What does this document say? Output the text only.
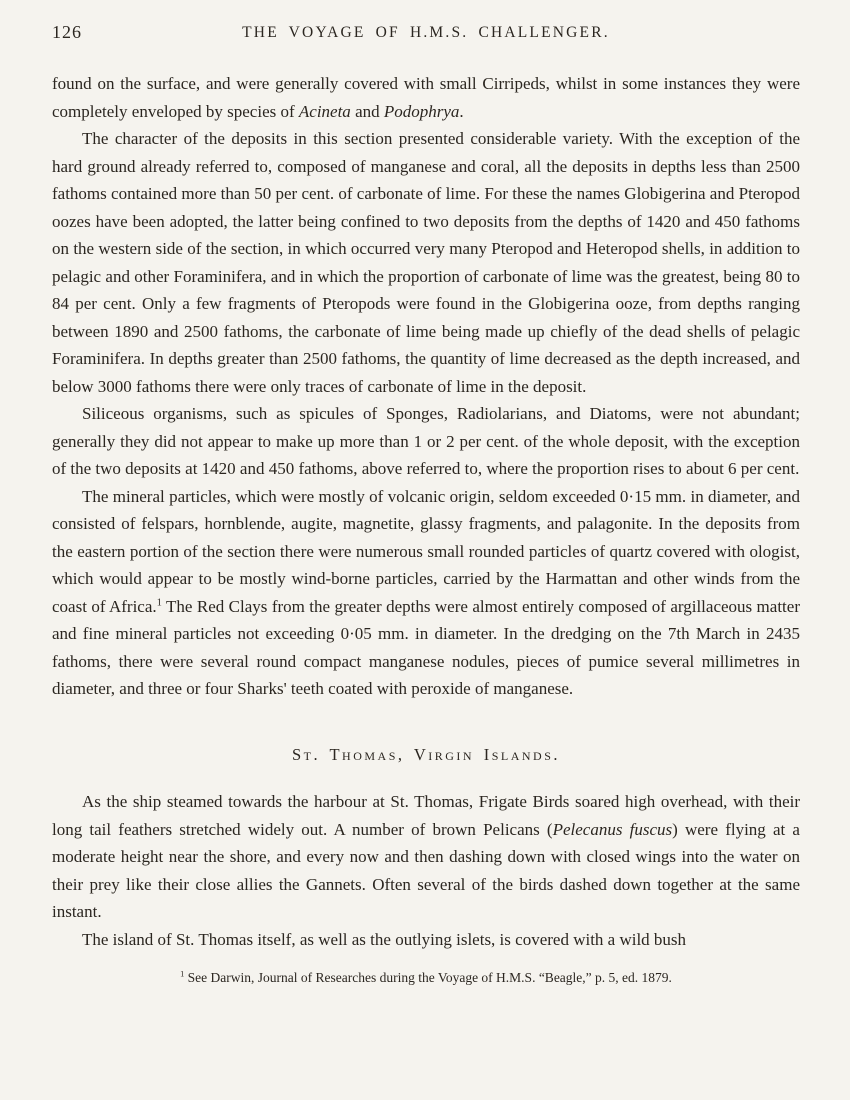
126	THE VOYAGE OF H.M.S. CHALLENGER.

found on the surface, and were generally covered with small Cirripeds, whilst in some instances they were completely enveloped by species of Acineta and Podophrya.

The character of the deposits in this section presented considerable variety. With the exception of the hard ground already referred to, composed of manganese and coral, all the deposits in depths less than 2500 fathoms contained more than 50 per cent. of carbonate of lime. For these the names Globigerina and Pteropod oozes have been adopted, the latter being confined to two deposits from the depths of 1420 and 450 fathoms on the western side of the section, in which occurred very many Pteropod and Heteropod shells, in addition to pelagic and other Foraminifera, and in which the proportion of carbonate of lime was the greatest, being 80 to 84 per cent. Only a few fragments of Pteropods were found in the Globigerina ooze, from depths ranging between 1890 and 2500 fathoms, the carbonate of lime being made up chiefly of the dead shells of pelagic Foraminifera. In depths greater than 2500 fathoms, the quantity of lime decreased as the depth increased, and below 3000 fathoms there were only traces of carbonate of lime in the deposit.

Siliceous organisms, such as spicules of Sponges, Radiolarians, and Diatoms, were not abundant; generally they did not appear to make up more than 1 or 2 per cent. of the whole deposit, with the exception of the two deposits at 1420 and 450 fathoms, above referred to, where the proportion rises to about 6 per cent.

The mineral particles, which were mostly of volcanic origin, seldom exceeded 0·15 mm. in diameter, and consisted of felspars, hornblende, augite, magnetite, glassy fragments, and palagonite. In the deposits from the eastern portion of the section there were numerous small rounded particles of quartz covered with ologist, which would appear to be mostly wind-borne particles, carried by the Harmattan and other winds from the coast of Africa.$^1$ The Red Clays from the greater depths were almost entirely composed of argillaceous matter and fine mineral particles not exceeding 0·05 mm. in diameter. In the dredging on the 7th March in 2435 fathoms, there were several round compact manganese nodules, pieces of pumice several millimetres in diameter, and three or four Sharks' teeth coated with peroxide of manganese.

St. Thomas, Virgin Islands.

As the ship steamed towards the harbour at St. Thomas, Frigate Birds soared high overhead, with their long tail feathers stretched widely out. A number of brown Pelicans (Pelecanus fuscus) were flying at a moderate height near the shore, and every now and then dashing down with closed wings into the water on their prey like their close allies the Gannets. Often several of the birds dashed down together at the same instant.

The island of St. Thomas itself, as well as the outlying islets, is covered with a wild bush

$^1$ See Darwin, Journal of Researches during the Voyage of H.M.S. “Beagle,” p. 5, ed. 1879.
